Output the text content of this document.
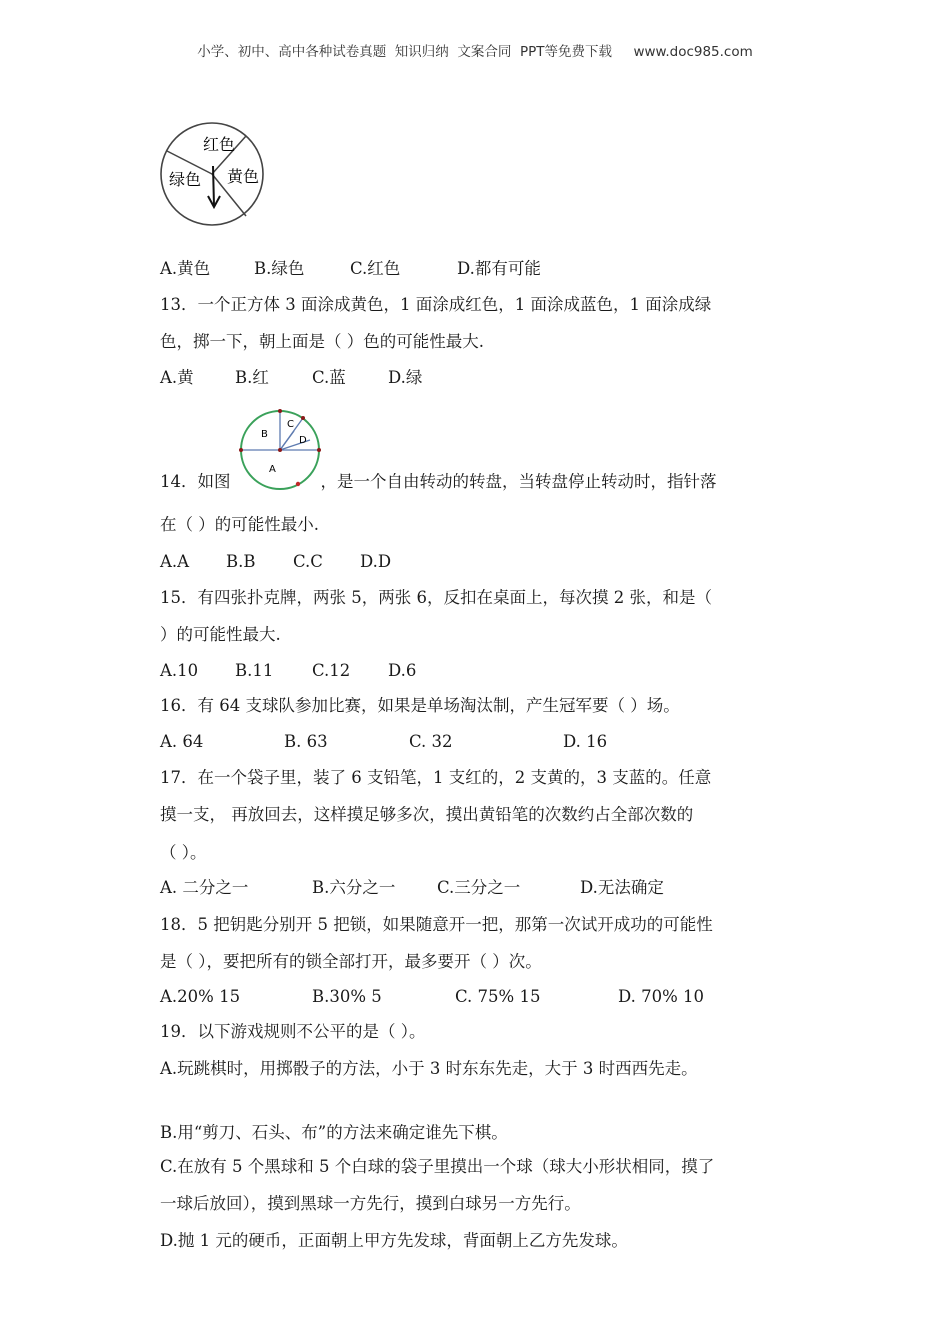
小学、初中、高中各种试卷真题  知识归纳  文案合同  PPT等免费下载     www.doc985.com
红色
黄色
绿色
A.黄色	B.绿色	C.红色	D.都有可能
13．一个正方体 3 面涂成黄色，1 面涂成红色，1 面涂成蓝色，1 面涂成绿
色，掷一下，朝上面是（ ）色的可能性最大.
A.黄	B.红	C.蓝	D.绿
B
C
D
A
14．如图	，是一个自由转动的转盘，当转盘停止转动时，指针落
在（ ）的可能性最小.
A.A	B.B	C.C	D.D
15．有四张扑克牌，两张 5，两张 6，反扣在桌面上，每次摸 2 张，和是（
）的可能性最大.
A.10	B.11	C.12	D.6
16．有 64 支球队参加比赛，如果是单场淘汰制，产生冠军要（ ）场。
A. 64	B. 63	C. 32	D. 16
17．在一个袋子里，装了 6 支铅笔，1 支红的，2 支黄的，3 支蓝的。任意
摸一支， 再放回去，这样摸足够多次，摸出黄铅笔的次数约占全部次数的
（ ）。
A. 二分之一	B.六分之一	C.三分之一	D.无法确定
18．5 把钥匙分别开 5 把锁，如果随意开一把，那第一次试开成功的可能性
是（ ），要把所有的锁全部打开，最多要开（ ）次。
A.20% 15	B.30% 5	C. 75% 15	D. 70% 10
19．以下游戏规则不公平的是（ ）。
A.玩跳棋时，用掷骰子的方法，小于 3 时东东先走，大于 3 时西西先走。
B.用“剪刀、石头、布”的方法来确定谁先下棋。
C.在放有 5 个黑球和 5 个白球的袋子里摸出一个球（球大小形状相同，摸了
一球后放回），摸到黑球一方先行，摸到白球另一方先行。
D.抛 1 元的硬币，正面朝上甲方先发球，背面朝上乙方先发球。
